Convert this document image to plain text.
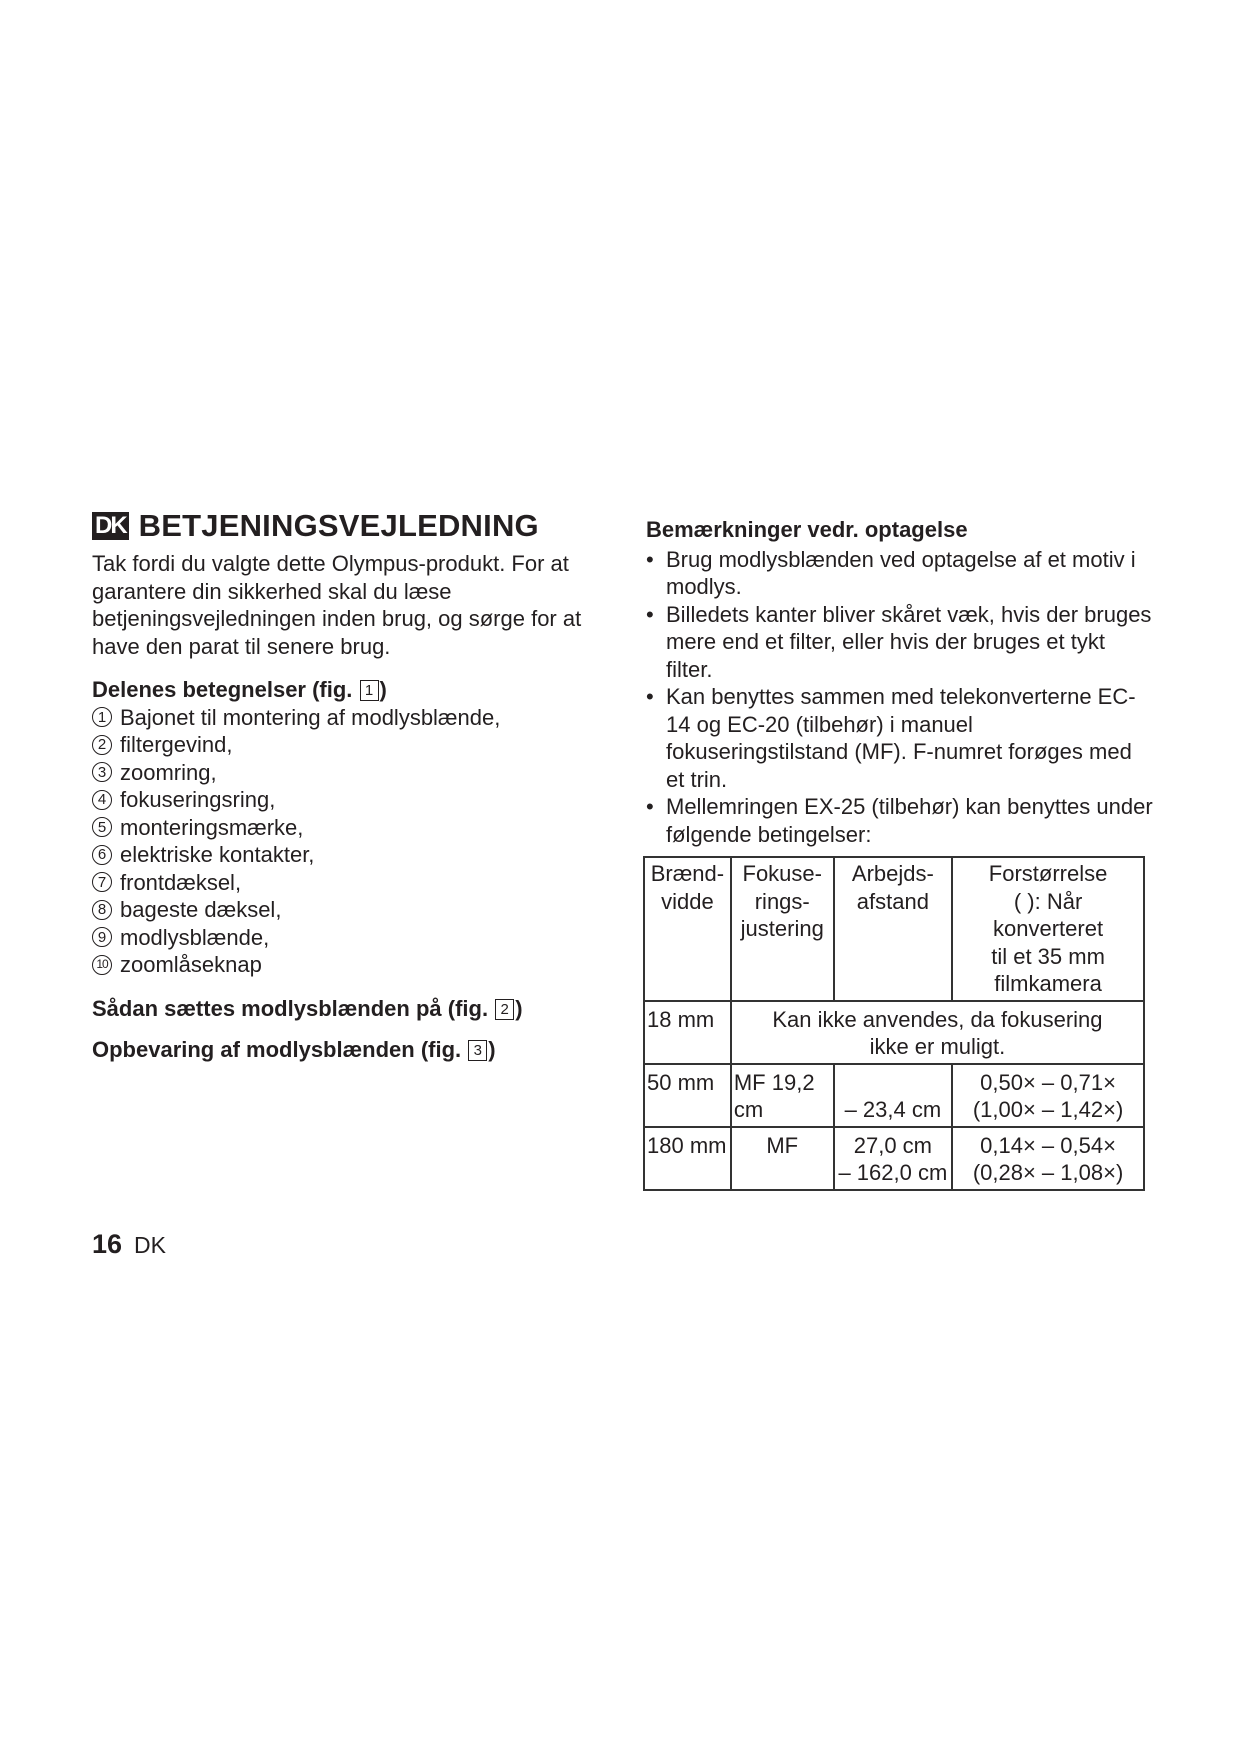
DK BETJENINGSVEJLEDNING

Tak fordi du valgte dette Olympus-produkt. For at garantere din sikkerhed skal du læse betjeningsvejledningen inden brug, og sørge for at have den parat til senere brug.

Delenes betegnelser (fig. 1 )
1 Bajonet til montering af modlysblænde,
2 filtergevind,
3 zoomring,
4 fokuseringsring,
5 monteringsmærke,
6 elektriske kontakter,
7 frontdæksel,
8 bageste dæksel,
9 modlysblænde,
10 zoomlåseknap
Sådan sættes modlysblænden på (fig. 2 )
Opbevaring af modlysblænden (fig. 3 )
Bemærkninger vedr. optagelse
• Brug modlysblænden ved optagelse af et motiv i modlys.
• Billedets kanter bliver skåret væk, hvis der bruges mere end et filter, eller hvis der bruges et tykt filter.
• Kan benyttes sammen med telekonverterne EC-14 og EC-20 (tilbehør) i manuel fokuseringstilstand (MF). F-numret forøges med et trin.
• Mellemringen EX-25 (tilbehør) kan benyttes under følgende betingelser:
Brænd-
vidde	Fokuse-
rings-
justering	Arbejds-
afstand	Forstørrelse
( ): Når
konverteret
til et 35 mm
filmkamera
18 mm	Kan ikke anvendes, da fokusering
ikke er muligt.		
50 mm	MF 19,2 cm	– 23,4 cm	0,50× – 0,71×
(1,00× – 1,42×)
180 mm	MF	27,0 cm
– 162,0 cm	0,14× – 0,54×
(0,28× – 1,08×)
16 DK
